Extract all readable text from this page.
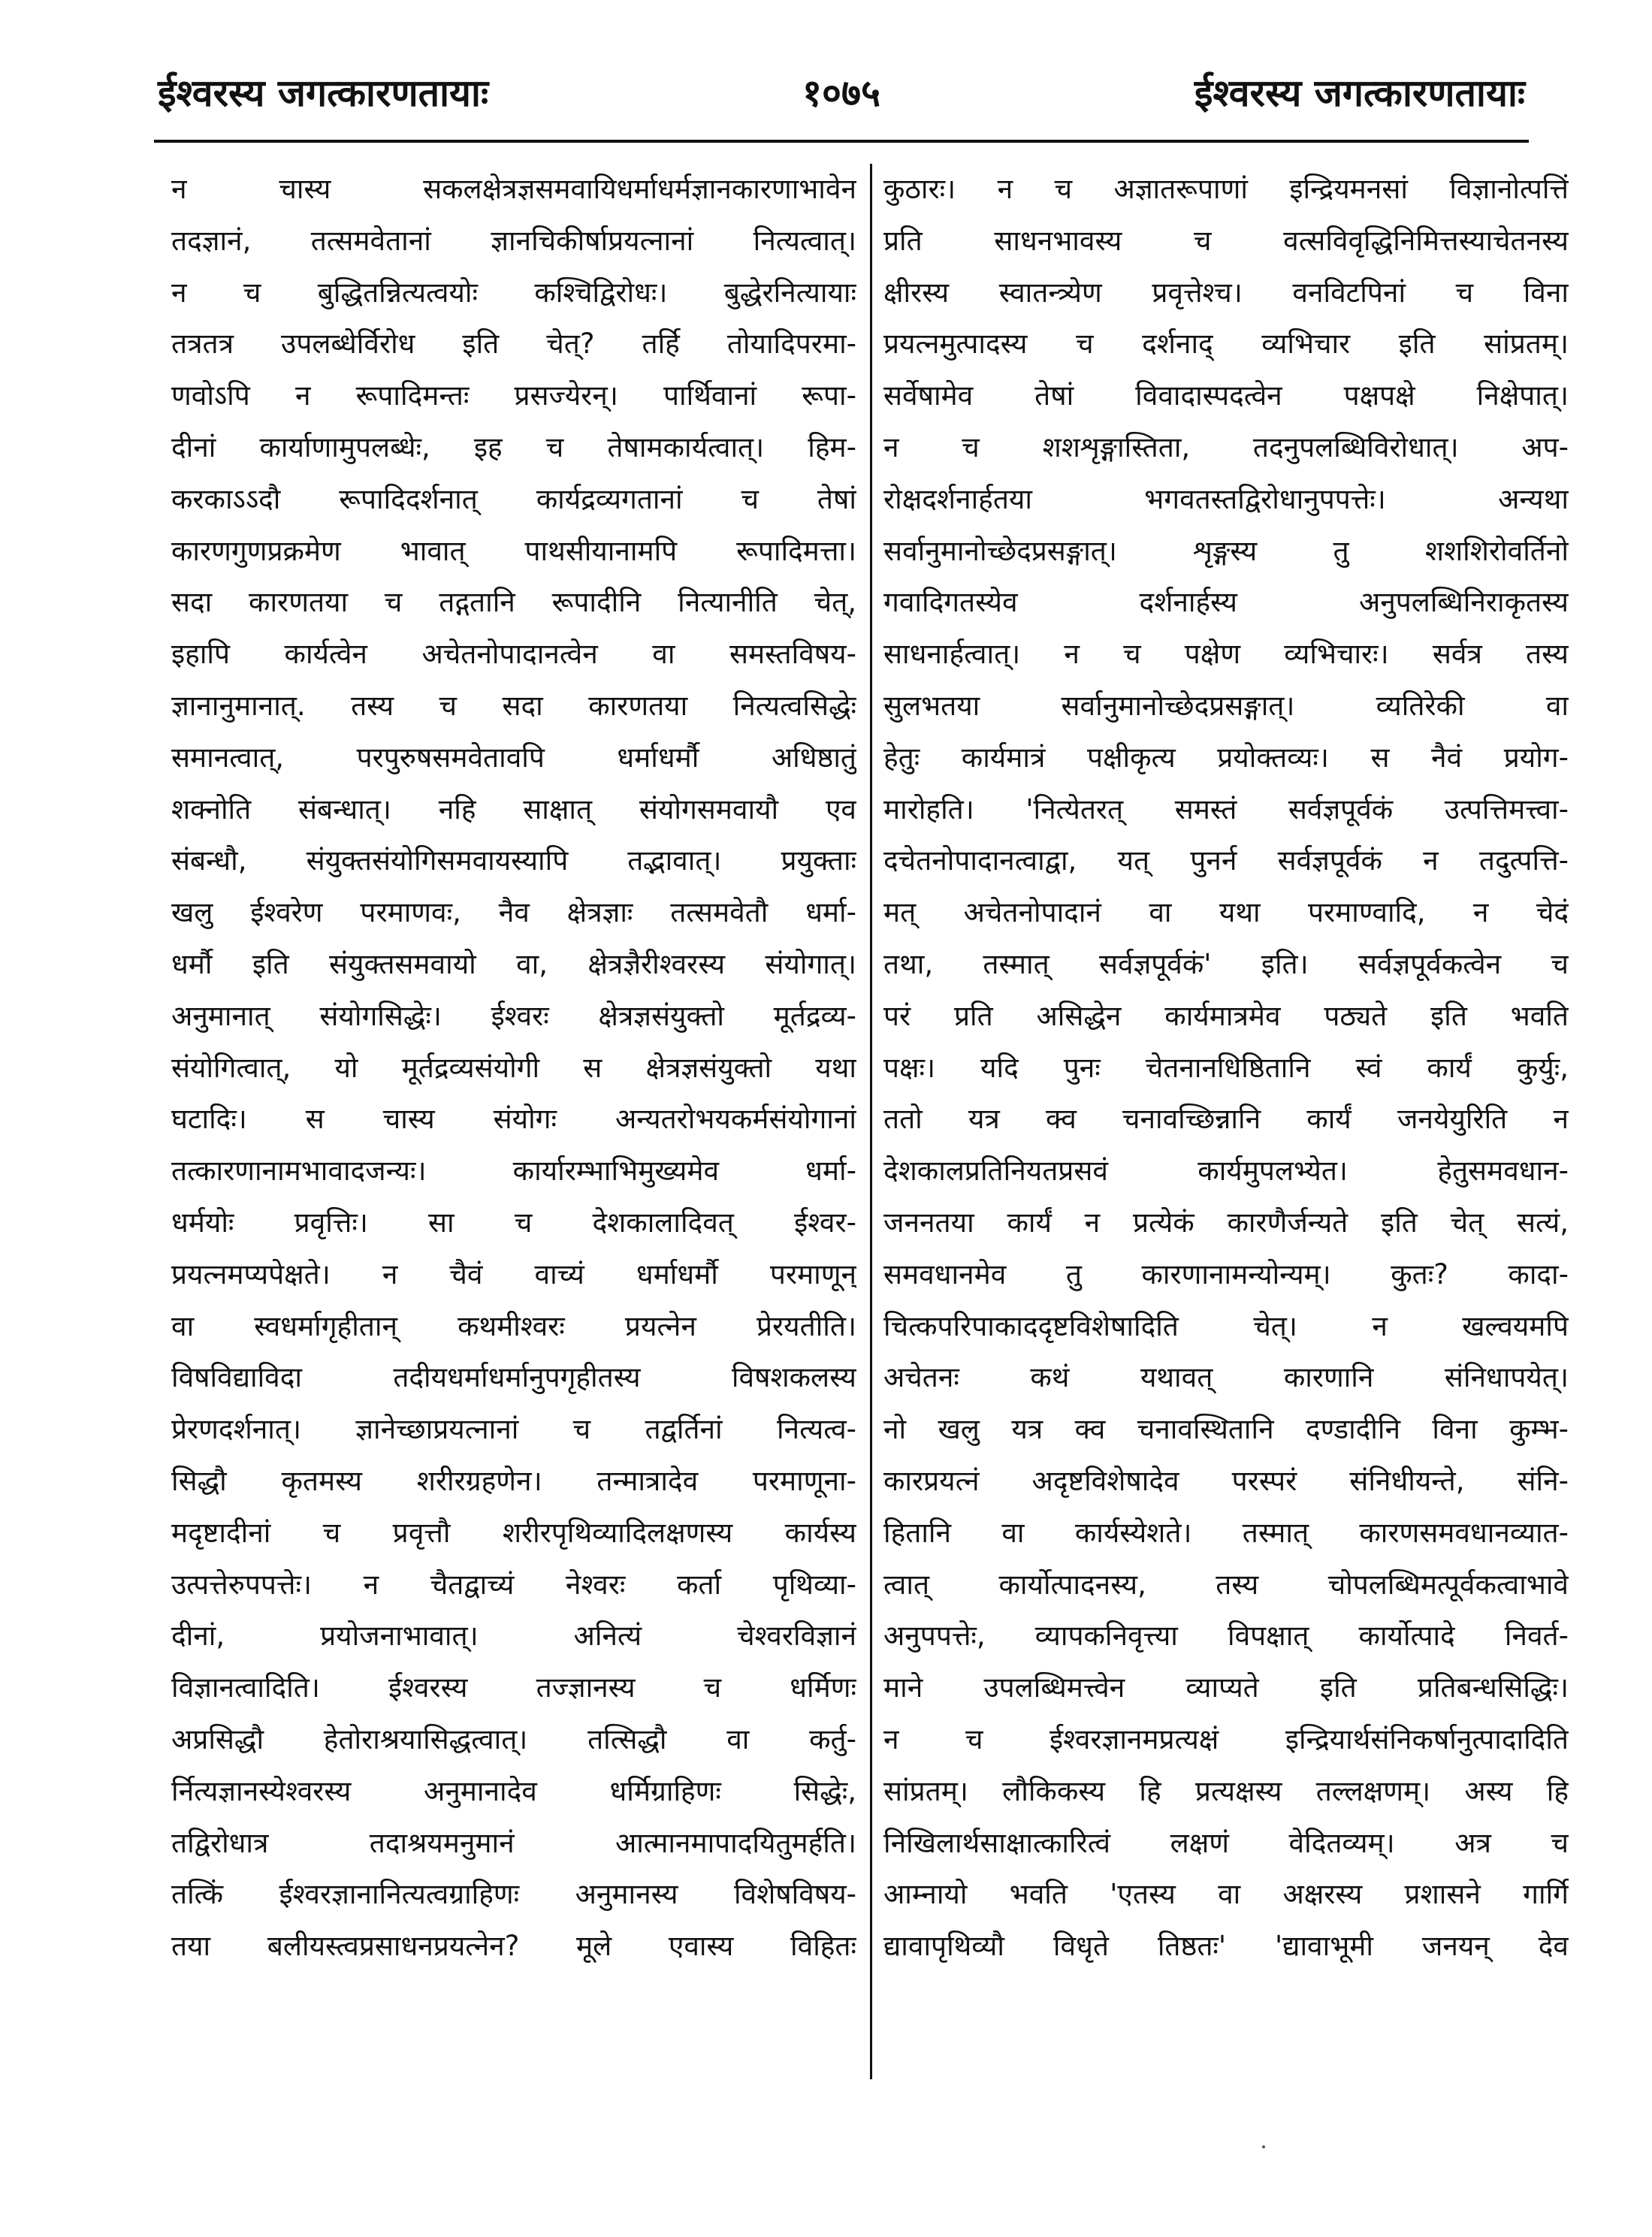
ईश्वरस्य जगत्कारणतायाः	१०७५	ईश्वरस्य जगत्कारणतायाः
न चास्य सकलक्षेत्रज्ञसमवायिधर्माधर्मज्ञानकारणाभावेन
तदज्ञानं, तत्समवेतानां ज्ञानचिकीर्षाप्रयत्नानां नित्यत्वात्।
न च बुद्धितन्नित्यत्वयोः कश्चिद्विरोधः। बुद्धेरनित्यायाः
तत्रतत्र उपलब्धेर्विरोध इति चेत्? तर्हि तोयादिपरमा-
णवोऽपि न रूपादिमन्तः प्रसज्येरन्। पार्थिवानां रूपा-
दीनां कार्याणामुपलब्धेः, इह च तेषामकार्यत्वात्। हिम-
करकाऽऽदौ रूपादिदर्शनात् कार्यद्रव्यगतानां च तेषां
कारणगुणप्रक्रमेण भावात् पाथसीयानामपि रूपादिमत्ता।
सदा कारणतया च तद्गतानि रूपादीनि नित्यानीति चेत्,
इहापि कार्यत्वेन अचेतनोपादानत्वेन वा समस्तविषय-
ज्ञानानुमानात्. तस्य च सदा कारणतया नित्यत्वसिद्धेः
समानत्वात्, परपुरुषसमवेतावपि धर्माधर्मौ अधिष्ठातुं
शक्नोति संबन्धात्। नहि साक्षात् संयोगसमवायौ एव
संबन्धौ, संयुक्तसंयोगिसमवायस्यापि तद्भावात्। प्रयुक्ताः
खलु ईश्वरेण परमाणवः, नैव क्षेत्रज्ञाः तत्समवेतौ धर्मा-
धर्मौ इति संयुक्तसमवायो वा, क्षेत्रज्ञैरीश्वरस्य संयोगात्।
अनुमानात् संयोगसिद्धेः। ईश्वरः क्षेत्रज्ञसंयुक्तो मूर्तद्रव्य-
संयोगित्वात्, यो मूर्तद्रव्यसंयोगी स क्षेत्रज्ञसंयुक्तो यथा
घटादिः। स चास्य संयोगः अन्यतरोभयकर्मसंयोगानां
तत्कारणानामभावादजन्यः। कार्यारम्भाभिमुख्यमेव धर्मा-
धर्मयोः प्रवृत्तिः। सा च देशकालादिवत् ईश्वर-
प्रयत्नमप्यपेक्षते। न चैवं वाच्यं धर्माधर्मौ परमाणून्
वा स्वधर्मागृहीतान् कथमीश्वरः प्रयत्नेन प्रेरयतीति।
विषविद्याविदा तदीयधर्माधर्मानुपगृहीतस्य विषशकलस्य
प्रेरणदर्शनात्। ज्ञानेच्छाप्रयत्नानां च तद्वर्तिनां नित्यत्व-
सिद्धौ कृतमस्य शरीरग्रहणेन। तन्मात्रादेव परमाणूना-
मदृष्टादीनां च प्रवृत्तौ शरीरपृथिव्यादिलक्षणस्य कार्यस्य
उत्पत्तेरुपपत्तेः। न चैतद्वाच्यं नेश्वरः कर्ता पृथिव्या-
दीनां, प्रयोजनाभावात्। अनित्यं चेश्वरविज्ञानं
विज्ञानत्वादिति। ईश्वरस्य तज्ज्ञानस्य च धर्मिणः
अप्रसिद्धौ हेतोराश्रयासिद्धत्वात्। तत्सिद्धौ वा कर्तु-
र्नित्यज्ञानस्येश्वरस्य अनुमानादेव धर्मिग्राहिणः सिद्धेः,
तद्विरोधात्र तदाश्रयमनुमानं आत्मानमापादयितुमर्हति।
तत्किं ईश्वरज्ञानानित्यत्वग्राहिणः अनुमानस्य विशेषविषय-
तया बलीयस्त्वप्रसाधनप्रयत्नेन? मूले एवास्य विहितः
कुठारः। न च अज्ञातरूपाणां इन्द्रियमनसां विज्ञानोत्पत्तिं
प्रति साधनभावस्य च वत्सविवृद्धिनिमित्तस्याचेतनस्य
क्षीरस्य स्वातन्त्र्येण प्रवृत्तेश्च। वनविटपिनां च विना
प्रयत्नमुत्पादस्य च दर्शनाद् व्यभिचार इति सांप्रतम्।
सर्वेषामेव तेषां विवादास्पदत्वेन पक्षपक्षे निक्षेपात्।
न च शशशृङ्गास्तिता, तदनुपलब्धिविरोधात्। अप-
रोक्षदर्शनार्हतया भगवतस्तद्विरोधानुपपत्तेः। अन्यथा
सर्वानुमानोच्छेदप्रसङ्गात्। शृङ्गस्य तु शशशिरोवर्तिनो
गवादिगतस्येव दर्शनार्हस्य अनुपलब्धिनिराकृतस्य
साधनार्हत्वात्। न च पक्षेण व्यभिचारः। सर्वत्र तस्य
सुलभतया सर्वानुमानोच्छेदप्रसङ्गात्। व्यतिरेकी वा
हेतुः कार्यमात्रं पक्षीकृत्य प्रयोक्तव्यः। स नैवं प्रयोग-
मारोहति। 'नित्येतरत् समस्तं सर्वज्ञपूर्वकं उत्पत्तिमत्त्वा-
दचेतनोपादानत्वाद्वा, यत् पुनर्न सर्वज्ञपूर्वकं न तदुत्पत्ति-
मत् अचेतनोपादानं वा यथा परमाण्वादि, न चेदं
तथा, तस्मात् सर्वज्ञपूर्वकं' इति। सर्वज्ञपूर्वकत्वेन च
परं प्रति असिद्धेन कार्यमात्रमेव पठ्यते इति भवति
पक्षः। यदि पुनः चेतनानधिष्ठितानि स्वं कार्यं कुर्युः,
ततो यत्र क्व चनावच्छिन्नानि कार्यं जनयेयुरिति न
देशकालप्रतिनियतप्रसवं कार्यमुपलभ्येत। हेतुसमवधान-
जननतया कार्यं न प्रत्येकं कारणैर्जन्यते इति चेत् सत्यं,
समवधानमेव तु कारणानामन्योन्यम्। कुतः? कादा-
चित्कपरिपाकाददृष्टविशेषादिति चेत्। न खल्वयमपि
अचेतनः कथं यथावत् कारणानि संनिधापयेत्।
नो खलु यत्र क्व चनावस्थितानि दण्डादीनि विना कुम्भ-
कारप्रयत्नं अदृष्टविशेषादेव परस्परं संनिधीयन्ते, संनि-
हितानि वा कार्यस्येशते। तस्मात् कारणसमवधानव्यात-
त्वात् कार्योत्पादनस्य, तस्य चोपलब्धिमत्पूर्वकत्वाभावे
अनुपपत्तेः, व्यापकनिवृत्त्या विपक्षात् कार्योत्पादे निवर्त-
माने उपलब्धिमत्त्वेन व्याप्यते इति प्रतिबन्धसिद्धिः।
न च ईश्वरज्ञानमप्रत्यक्षं इन्द्रियार्थसंनिकर्षानुत्पादादिति
सांप्रतम्। लौकिकस्य हि प्रत्यक्षस्य तल्लक्षणम्। अस्य हि
निखिलार्थसाक्षात्कारित्वं लक्षणं वेदितव्यम्। अत्र च
आम्नायो भवति 'एतस्य वा अक्षरस्य प्रशासने गार्गि
द्यावापृथिव्यौ विधृते तिष्ठतः' 'द्यावाभूमी जनयन् देव
